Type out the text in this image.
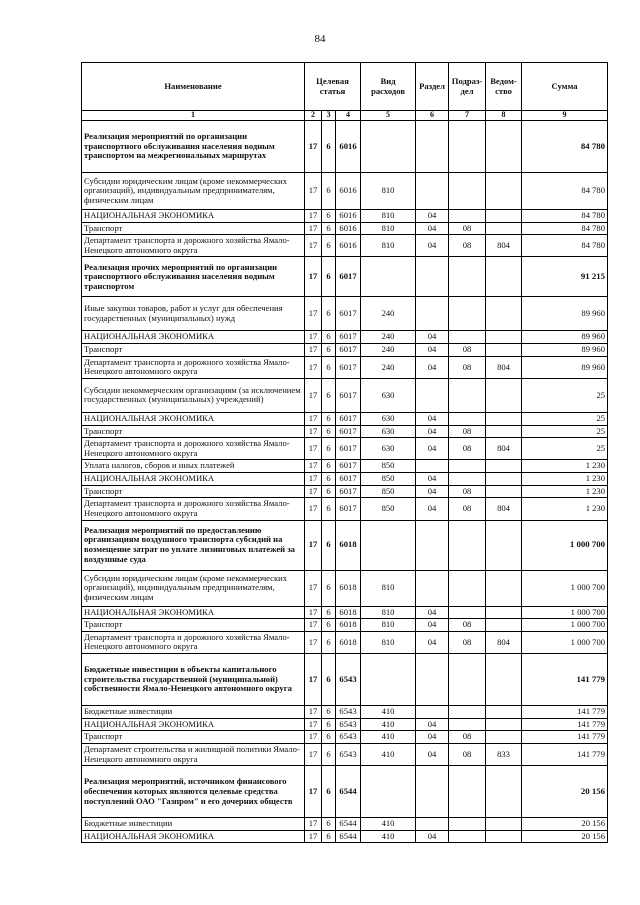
84
Наименование	Целевая статья			Вид расходов	Раздел	Подраз-дел	Ведом-ство	Сумма
1	2	3	4	5	6	7	8	9
Реализация мероприятий по организации транспортного обслуживания населения водным транспортом на межрегиональных маршрутах	17	6	6016					84 780
Субсидии юридическим лицам (кроме некоммерческих организаций), индивидуальным предпринимателям, физическим лицам	17	6	6016	810				84 780
НАЦИОНАЛЬНАЯ ЭКОНОМИКА	17	6	6016	810	04			84 780
Транспорт	17	6	6016	810	04	08		84 780
Департамент транспорта и дорожного хозяйства Ямало-Ненецкого автономного округа	17	6	6016	810	04	08	804	84 780
Реализация прочих мероприятий по организации транспортного обслуживания населения водным транспортом	17	6	6017					91 215
Иные закупки товаров, работ и услуг для обеспечения государственных (муниципальных) нужд	17	6	6017	240				89 960
НАЦИОНАЛЬНАЯ ЭКОНОМИКА	17	6	6017	240	04			89 960
Транспорт	17	6	6017	240	04	08		89 960
Департамент транспорта и дорожного хозяйства Ямало-Ненецкого автономного округа	17	6	6017	240	04	08	804	89 960
Субсидии некоммерческим организациям (за исключением государственных (муниципальных) учреждений)	17	6	6017	630				25
НАЦИОНАЛЬНАЯ ЭКОНОМИКА	17	6	6017	630	04			25
Транспорт	17	6	6017	630	04	08		25
Департамент транспорта и дорожного хозяйства Ямало-Ненецкого автономного округа	17	6	6017	630	04	08	804	25
Уплата налогов, сборов и иных платежей	17	6	6017	850				1 230
НАЦИОНАЛЬНАЯ ЭКОНОМИКА	17	6	6017	850	04			1 230
Транспорт	17	6	6017	850	04	08		1 230
Департамент транспорта и дорожного хозяйства Ямало-Ненецкого автономного округа	17	6	6017	850	04	08	804	1 230
Реализация мероприятий по предоставлению организациям воздушного транспорта субсидий на возмещение затрат по уплате лизинговых платежей за воздушные суда	17	6	6018					1 000 700
Субсидии юридическим лицам (кроме некоммерческих организаций), индивидуальным предпринимателям, физическим лицам	17	6	6018	810				1 000 700
НАЦИОНАЛЬНАЯ ЭКОНОМИКА	17	6	6018	810	04			1 000 700
Транспорт	17	6	6018	810	04	08		1 000 700
Департамент транспорта и дорожного хозяйства Ямало-Ненецкого автономного округа	17	6	6018	810	04	08	804	1 000 700
Бюджетные инвестиции в объекты капитального строительства государственной (муниципальной) собственности Ямало-Ненецкого автономного округа	17	6	6543					141 779
Бюджетные инвестиции	17	6	6543	410				141 779
НАЦИОНАЛЬНАЯ ЭКОНОМИКА	17	6	6543	410	04			141 779
Транспорт	17	6	6543	410	04	08		141 779
Департамент строительства и жилищной политики Ямало-Ненецкого автономного округа	17	6	6543	410	04	08	833	141 779
Реализация мероприятий, источником финансового обеспечения которых являются целевые средства поступлений ОАО "Газпром" и его дочерних обществ	17	6	6544					20 156
Бюджетные инвестиции	17	6	6544	410				20 156
НАЦИОНАЛЬНАЯ ЭКОНОМИКА	17	6	6544	410	04			20 156
